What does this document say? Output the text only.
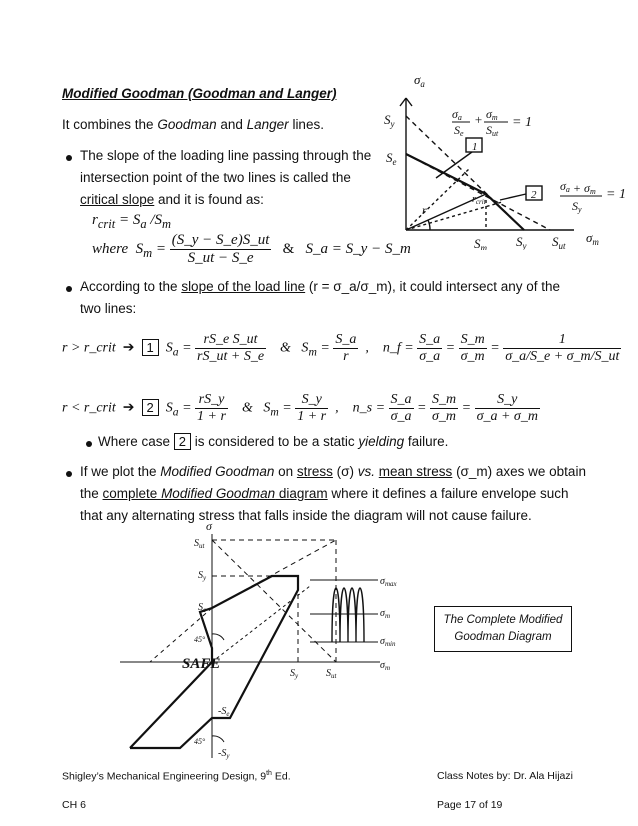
Modified Goodman (Goodman and Langer)
It combines the Goodman and Langer lines.
The slope of the loading line passing through the
intersection point of the two lines is called the
critical slope and it is found as:
$\sigma_a$
$S_y$
$S_e$
1
2
r
$S_m$ $S_y$ $S_{ut}$
$\sigma_m$
$r_{crit}$
σa
Se
+ σm
Sut
= 1
σa + σm
Sy
= 1
$r_{crit} = S_a$ $/S_m$
where  $S_m = \frac{(S\_y - S\_e)S\_ut}{S\_ut - S\_e}$ & S_a = S_y − S_m
According to the slope of the load line (r = σ_a/σ_m), it could intersect any of the
two lines:
r > r_crit ➔ 1  $S_a = \frac{\text{rS\_e S\_ut}}{rS\_ut + S\_e}$ &   $S_m = \frac{S\_a}{r}$ ,    n_f = $\frac{S\_a}{\sigma\_a} = \frac{S\_m}{\sigma\_m} = \frac{1}{\sigma\_a/S\_e + \sigma\_m/S\_ut}$
r < r_crit ➔ 2  $S_a = \frac{rS\_y}{1 + r}$ &   $S_m = \frac{S\_y}{1 + r}$ ,    n_s = $\frac{S\_a}{\sigma\_a} = \frac{S\_m}{\sigma\_m} = \frac{S\_y}{\sigma\_a + \sigma\_m}$
Where case 2 is considered to be a static yielding failure.
If we plot the Modified Goodman on stress (σ) vs. mean stress (σ_m) axes we obtain
the complete Modified Goodman diagram where it defines a failure envelope such
that any alternating stress that falls inside the diagram will not cause failure.
σ
$S_{ut}$
$S_y$
$S_e$
45°
45°
SAFE
$S_y$	$S_{ut}$
$-S_e$
$-S_y$
$\sigma_{max}$
$\sigma_m$
$\sigma_{min}$
$\sigma_m$
The Complete Modified
Goodman Diagram
Shigley’s Mechanical Engineering Design, 9th Ed.	Class Notes by: Dr. Ala Hijazi
CH 6	Page 17 of 19
